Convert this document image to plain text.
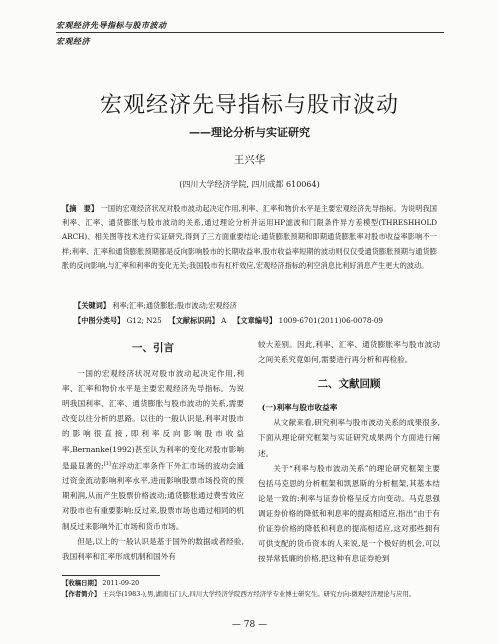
宏观经济先导指标与股市波动
宏观经济
宏观经济先导指标与股市波动
——理论分析与实证研究
王兴华
(四川大学经济学院, 四川成都 610064)
【摘　要】 一国的宏观经济状况对股市波动起决定作用,利率、汇率和物价水平是主要宏观经济先导指标。为说明我国利率、汇率、通货膨胀与股市波动的关系,通过理论分析并运用HP滤波和门限条件异方差模型(THRESHHOLD ARCH)、相关图等技术进行实证研究,得到了三方面重要结论:通货膨胀预期和即期通货膨胀率对股市收益率影响不一样;利率、汇率和通货膨胀预期都是反向影响股市的长期收益率,股市收益率短期的波动则仅仅受通货膨胀预期与通货膨胀的反向影响,与汇率和利率的变化无关;我国股市有杠杆效应,宏观经济指标的利空消息比利好消息产生更大的波动。
【关键词】 利率;汇率;通货膨胀;股市波动;宏观经济
【中图分类号】 G12; N25 【文献标识码】 A 【文章编号】 1009-6701(2011)06-0078-09

一、引言

一国的宏观经济状况对股市波动起决定作用,利率、汇率和物价水平是主要宏观经济先导指标。为说明我国利率、汇率、通货膨胀与股市波动的关系,需要改变以往分析的思路。以往的一般认识是,利率对股市的影响很直接,即利率反向影响股市收益率,Bernanke(1992)甚至认为利率的变化对股市影响是最显著的;[1]在浮动汇率条件下外汇市场的波动会通过资金流动影响利率水平,进而影响股票市场投资的预期利润,从而产生股票价格波动;通货膨胀通过费雪效应对股市也有重要影响;反过来,股票市场也通过相同的机制反过来影响外汇市场和货币市场。

但是,以上的一般认识是基于国外的数据或者经验,我国利率和汇率形成机制和国外有

较大差别。因此,利率、汇率、通货膨胀率与股市波动之间关系究竟如何,需要进行再分析和再检验。

二、文献回顾

(一)利率与股市收益率

从文献来看,研究利率与股市波动关系的成果很多,下面从理论研究框架与实证研究成果两个方面进行阐述。

关于“利率与股市波动关系”的理论研究框架主要包括马克思的分析框架和凯恩斯的分析框架,其基本结论是一致的:利率与证券价格呈反方向变动。马克思强调证券价格的降低和利息率的提高相适应,指出“由于有价证券价格的降低和利息的提高相适应,这对那些拥有可供支配的货币资本的人来说,是一个极好的机会,可以按异常低廉的价格,把这种有息证券抢到

【收稿日期】 2011-09-20
【作者简介】 王兴华(1983-),男,湖南石门人,四川大学经济学院西方经济学专业博士研究生。研究方向:微观经济理论与应用。
— 78 —
